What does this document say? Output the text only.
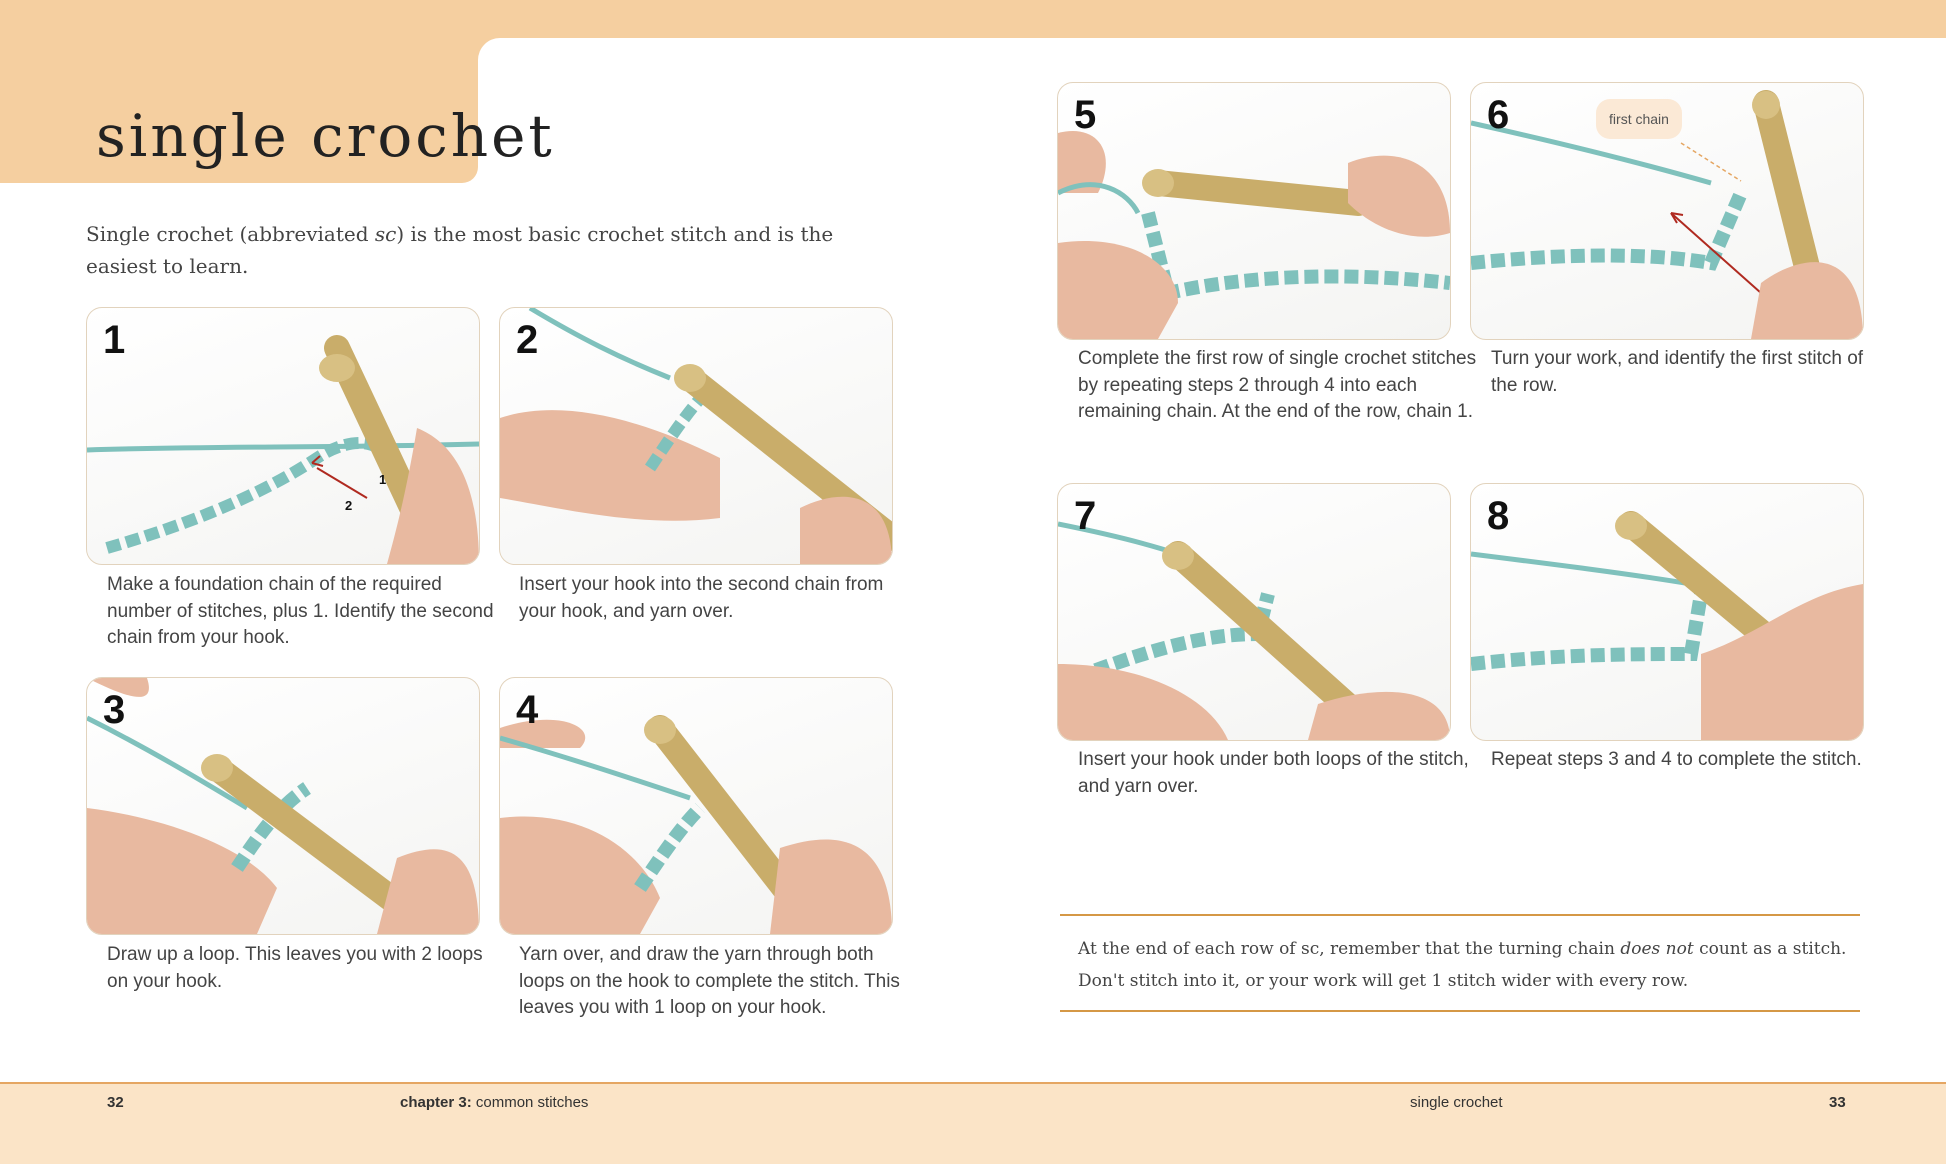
single crochet

Single crochet (abbreviated sc) is the most basic crochet stitch and is the easiest to learn.

1
1
2

Make a foundation chain of the required number of stitches, plus 1. Identify the second chain from your hook.

2

Insert your hook into the second chain from your hook, and yarn over.

3

Draw up a loop. This leaves you with 2 loops on your hook.

4

Yarn over, and draw the yarn through both loops on the hook to complete the stitch. This leaves you with 1 loop on your hook.

5

Complete the first row of single crochet stitches by repeating steps 2 through 4 into each remaining chain. At the end of the row, chain 1.

6	first chain

Turn your work, and identify the first stitch of the row.

7

Insert your hook under both loops of the stitch, and yarn over.

8

Repeat steps 3 and 4 to complete the stitch.

At the end of each row of sc, remember that the turning chain does not count as a stitch. Don't stitch into it, or your work will get 1 stitch wider with every row.

32	chapter 3: common stitches	single crochet	33
